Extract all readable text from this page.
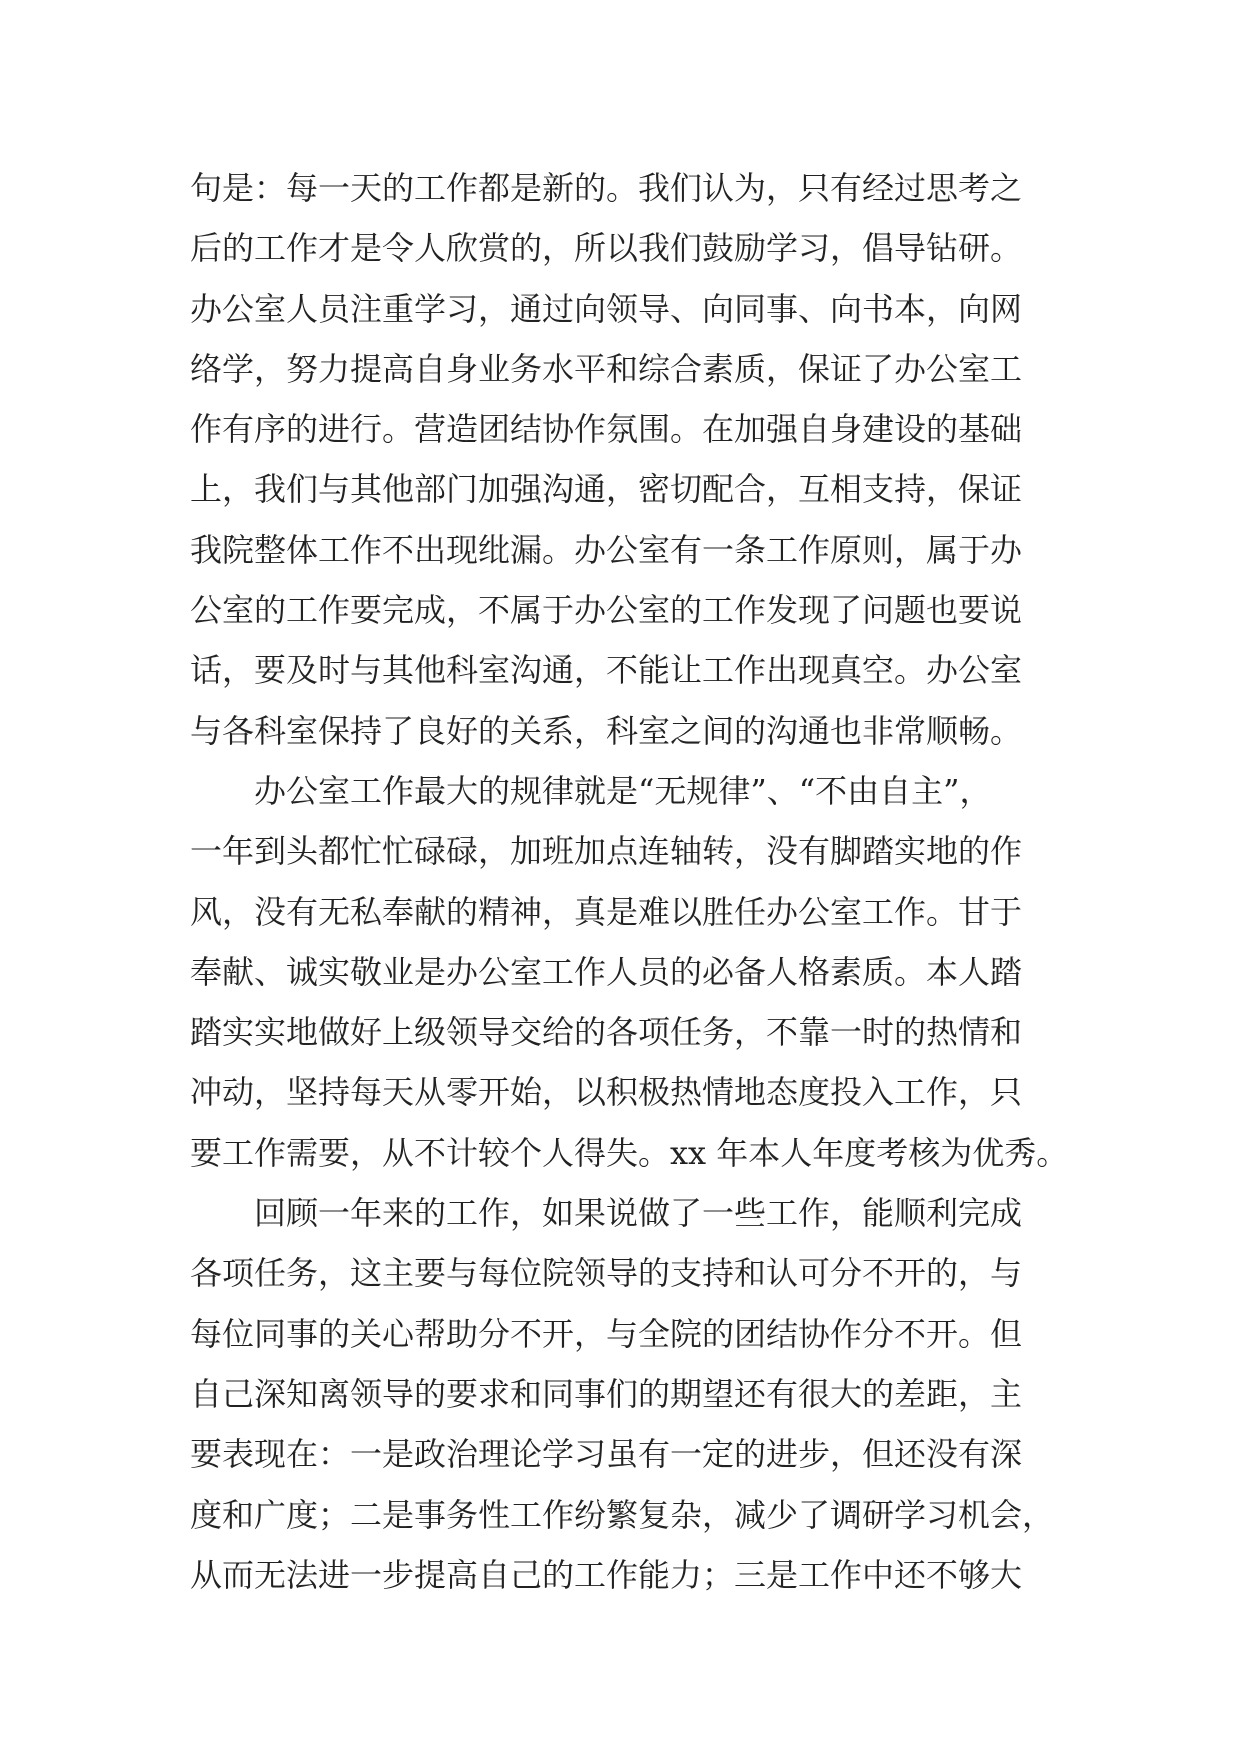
句是：每一天的工作都是新的。我们认为，只有经过思考之
后的工作才是令人欣赏的，所以我们鼓励学习，倡导钻研。
办公室人员注重学习，通过向领导、向同事、向书本，向网
络学，努力提高自身业务水平和综合素质，保证了办公室工
作有序的进行。营造团结协作氛围。在加强自身建设的基础
上，我们与其他部门加强沟通，密切配合，互相支持，保证
我院整体工作不出现纰漏。办公室有一条工作原则，属于办
公室的工作要完成，不属于办公室的工作发现了问题也要说
话，要及时与其他科室沟通，不能让工作出现真空。办公室
与各科室保持了良好的关系，科室之间的沟通也非常顺畅。
办公室工作最大的规律就是“无规律”、“不由自主”，
一年到头都忙忙碌碌，加班加点连轴转，没有脚踏实地的作
风，没有无私奉献的精神，真是难以胜任办公室工作。甘于
奉献、诚实敬业是办公室工作人员的必备人格素质。本人踏
踏实实地做好上级领导交给的各项任务，不靠一时的热情和
冲动，坚持每天从零开始，以积极热情地态度投入工作，只
要工作需要，从不计较个人得失。xx 年本人年度考核为优秀。
回顾一年来的工作，如果说做了一些工作，能顺利完成
各项任务，这主要与每位院领导的支持和认可分不开的，与
每位同事的关心帮助分不开，与全院的团结协作分不开。但
自己深知离领导的要求和同事们的期望还有很大的差距，主
要表现在：一是政治理论学习虽有一定的进步，但还没有深
度和广度；二是事务性工作纷繁复杂，减少了调研学习机会，
从而无法进一步提高自己的工作能力；三是工作中还不够大
